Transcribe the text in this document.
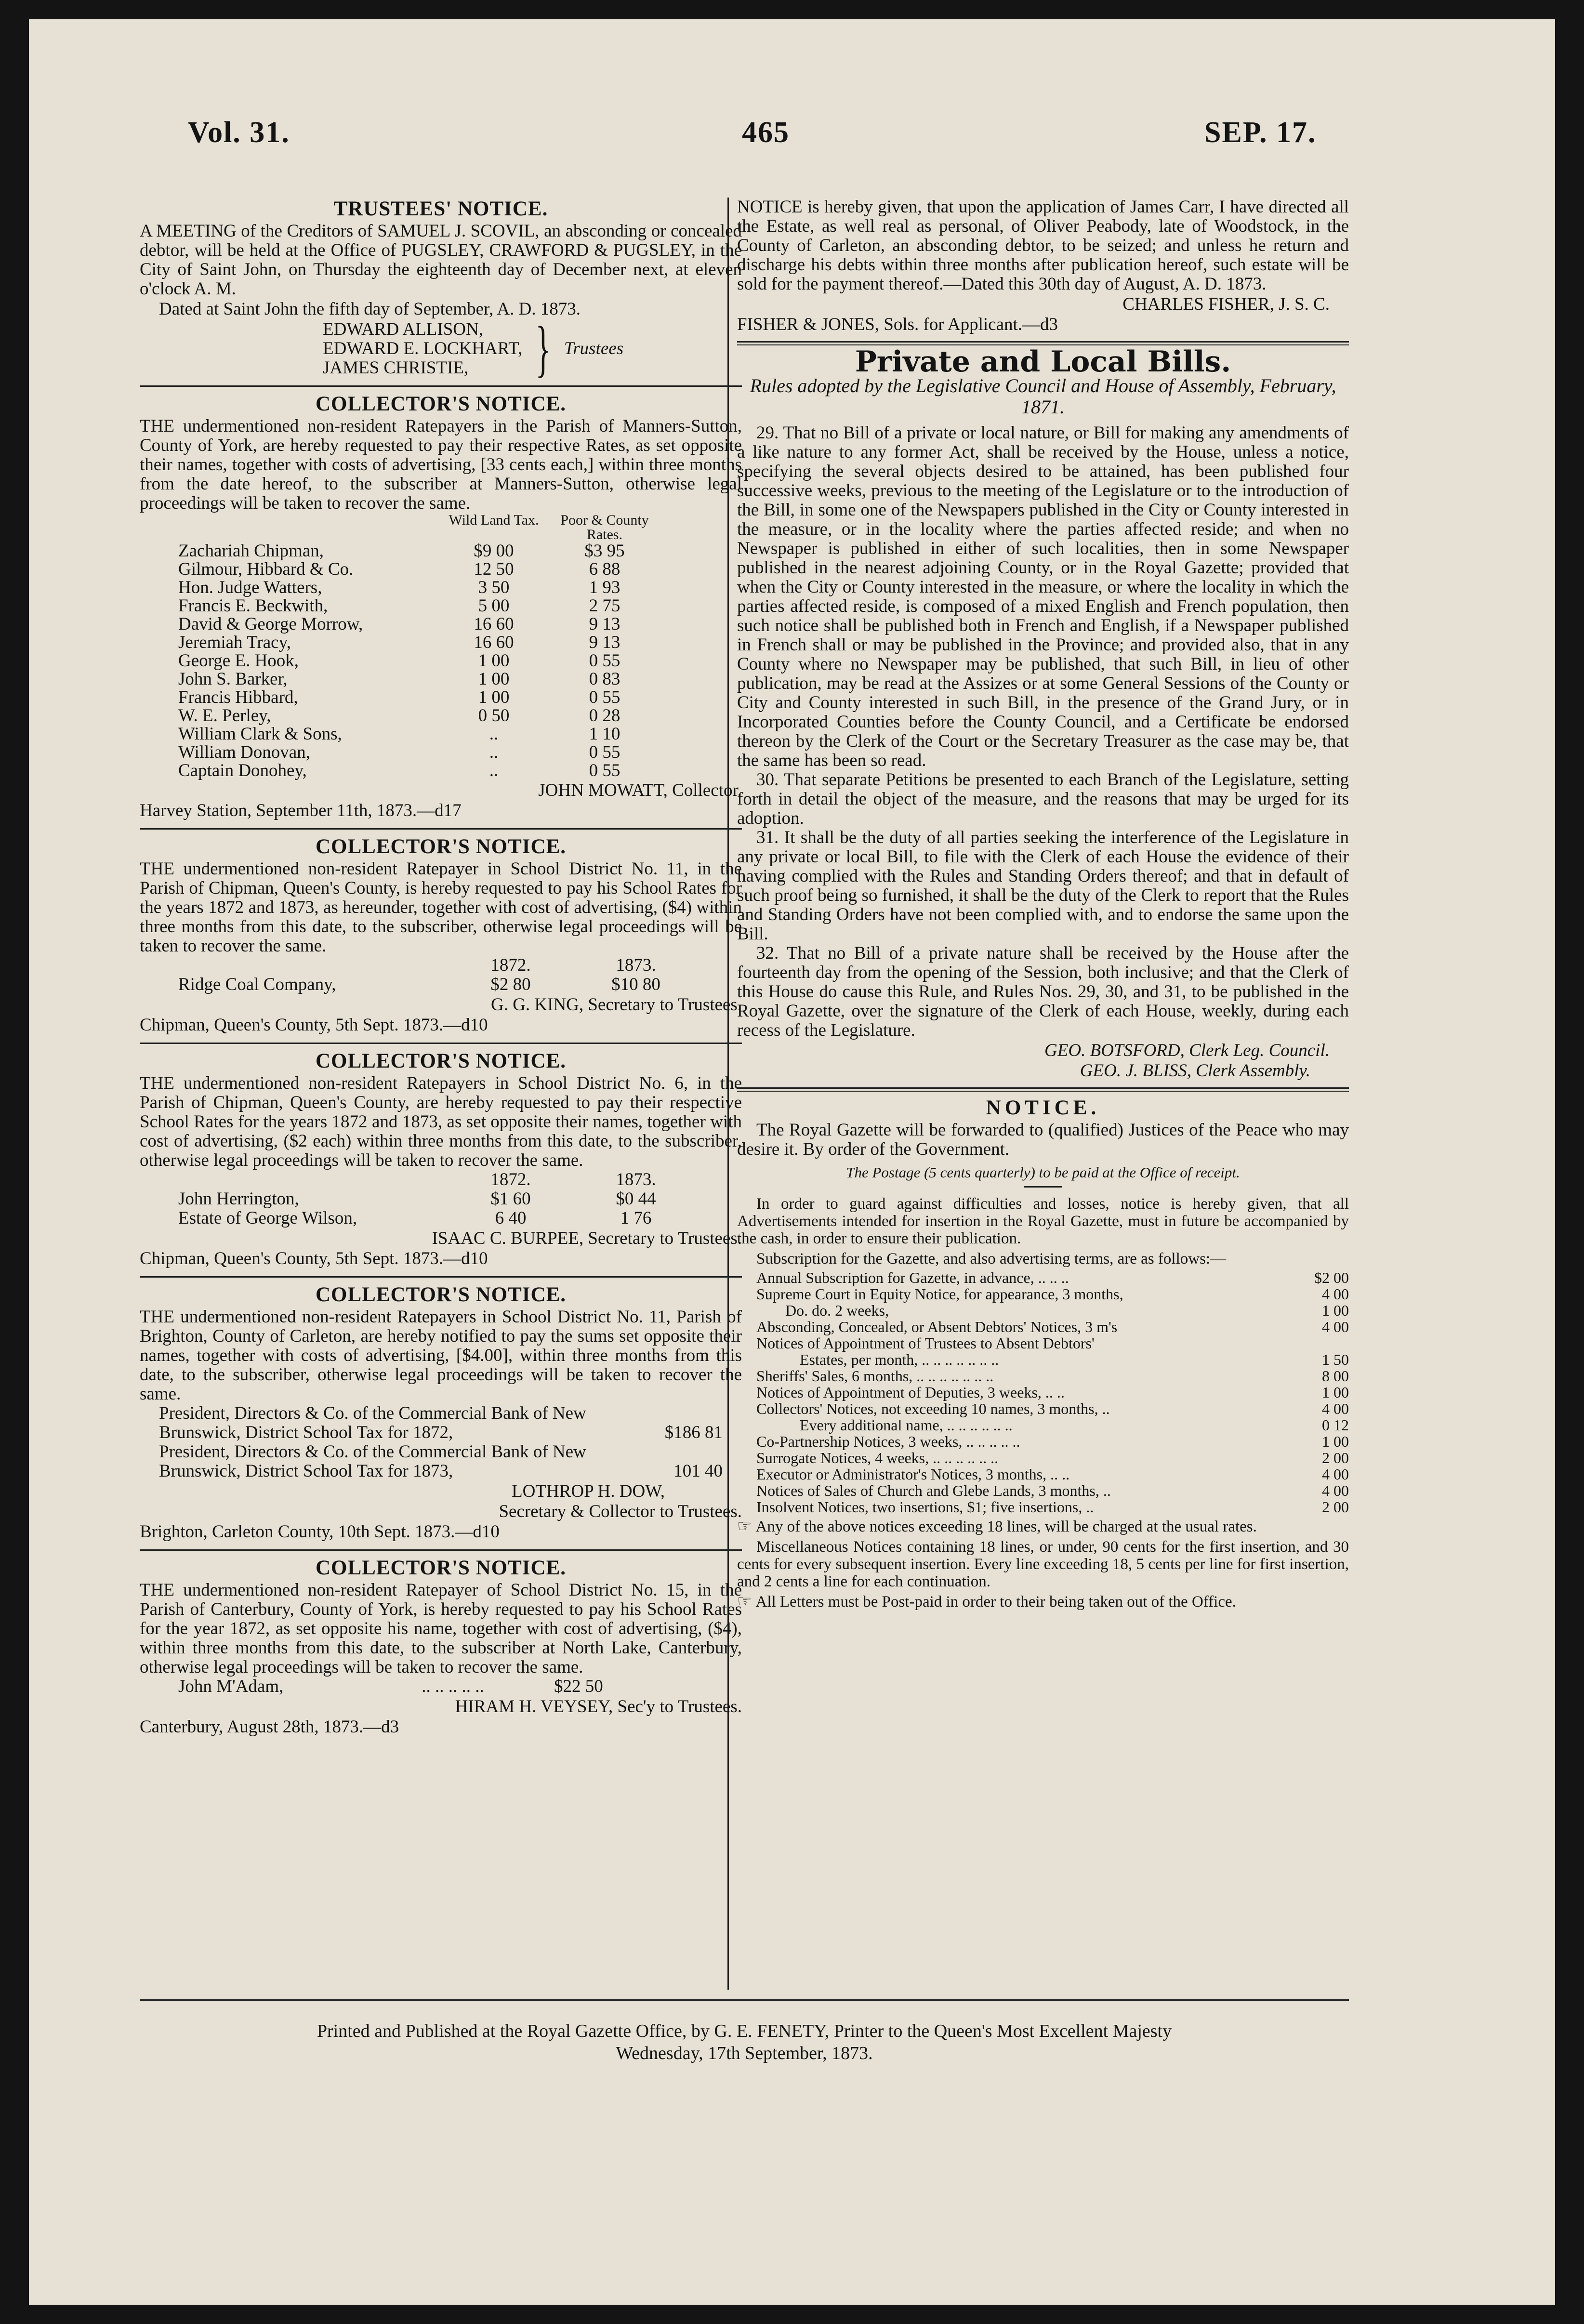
Vol. 31.	465	SEP. 17.
TRUSTEES' NOTICE.

A MEETING of the Creditors of SAMUEL J. SCOVIL, an absconding or concealed debtor, will be held at the Office of PUGSLEY, CRAWFORD & PUGSLEY, in the City of Saint John, on Thursday the eighteenth day of December next, at eleven o'clock A. M.

Dated at Saint John the fifth day of September, A. D. 1873.
EDWARD ALLISON,
EDWARD E. LOCKHART,
JAMES CHRISTIE,	} Trustees
COLLECTOR'S NOTICE.

THE undermentioned non-resident Ratepayers in the Parish of Manners-Sutton, County of York, are hereby requested to pay their respective Rates, as set opposite their names, together with costs of advertising, [33 cents each,] within three months from the date hereof, to the subscriber at Manners-Sutton, otherwise legal proceedings will be taken to recover the same.

	Wild Land Tax.	Poor & County Rates.
Zachariah Chipman,	$9 00	$3 95
Gilmour, Hibbard & Co.	12 50	6 88
Hon. Judge Watters,	3 50	1 93
Francis E. Beckwith,	5 00	2 75
David & George Morrow,	16 60	9 13
Jeremiah Tracy,	16 60	9 13
George E. Hook,	1 00	0 55
John S. Barker,	1 00	0 83
Francis Hibbard,	1 00	0 55
W. E. Perley,	0 50	0 28
William Clark & Sons,	..	1 10
William Donovan,	..	0 55
Captain Donohey,	..	0 55
JOHN MOWATT, Collector.
Harvey Station, September 11th, 1873.—d17
COLLECTOR'S NOTICE.

THE undermentioned non-resident Ratepayer in School District No. 11, in the Parish of Chipman, Queen's County, is hereby requested to pay his School Rates for the years 1872 and 1873, as hereunder, together with cost of advertising, ($4) within three months from this date, to the subscriber, otherwise legal proceedings will be taken to recover the same.

	1872.	1873.
Ridge Coal Company,	$2 80	$10 80
G. G. KING, Secretary to Trustees.
Chipman, Queen's County, 5th Sept. 1873.—d10
COLLECTOR'S NOTICE.

THE undermentioned non-resident Ratepayers in School District No. 6, in the Parish of Chipman, Queen's County, are hereby requested to pay their respective School Rates for the years 1872 and 1873, as set opposite their names, together with cost of advertising, ($2 each) within three months from this date, to the subscriber, otherwise legal proceedings will be taken to recover the same.

	1872.	1873.
John Herrington,	$1 60	$0 44
Estate of George Wilson,	6 40	1 76
ISAAC C. BURPEE, Secretary to Trustees.
Chipman, Queen's County, 5th Sept. 1873.—d10
COLLECTOR'S NOTICE.

THE undermentioned non-resident Ratepayers in School District No. 11, Parish of Brighton, County of Carleton, are hereby notified to pay the sums set opposite their names, together with costs of advertising, [$4.00], within three months from this date, to the subscriber, otherwise legal proceedings will be taken to recover the same.

President, Directors & Co. of the Commercial Bank of New Brunswick, District School Tax for 1872,	$186 81
President, Directors & Co. of the Commercial Bank of New Brunswick, District School Tax for 1873,	101 40
LOTHROP H. DOW,
Secretary & Collector to Trustees.
Brighton, Carleton County, 10th Sept. 1873.—d10
COLLECTOR'S NOTICE.

THE undermentioned non-resident Ratepayer of School District No. 15, in the Parish of Canterbury, County of York, is hereby requested to pay his School Rates for the year 1872, as set opposite his name, together with cost of advertising, ($4), within three months from this date, to the subscriber at North Lake, Canterbury, otherwise legal proceedings will be taken to recover the same.

John M'Adam,	.. .. .. .. ..	$22 50
HIRAM H. VEYSEY, Sec'y to Trustees.
Canterbury, August 28th, 1873.—d3

NOTICE is hereby given, that upon the application of James Carr, I have directed all the Estate, as well real as personal, of Oliver Peabody, late of Woodstock, in the County of Carleton, an absconding debtor, to be seized; and unless he return and discharge his debts within three months after publication hereof, such estate will be sold for the payment thereof.—Dated this 30th day of August, A. D. 1873.

CHARLES FISHER, J. S. C.
FISHER & JONES, Sols. for Applicant.—d3
Private and Local Bills.
Rules adopted by the Legislative Council and House of Assembly, February, 1871.

29. That no Bill of a private or local nature, or Bill for making any amendments of a like nature to any former Act, shall be received by the House, unless a notice, specifying the several objects desired to be attained, has been published four successive weeks, previous to the meeting of the Legislature or to the introduction of the Bill, in some one of the Newspapers published in the City or County interested in the measure, or in the locality where the parties affected reside; and when no Newspaper is published in either of such localities, then in some Newspaper published in the nearest adjoining County, or in the Royal Gazette; provided that when the City or County interested in the measure, or where the locality in which the parties affected reside, is composed of a mixed English and French population, then such notice shall be published both in French and English, if a Newspaper published in French shall or may be published in the Province; and provided also, that in any County where no Newspaper may be published, that such Bill, in lieu of other publication, may be read at the Assizes or at some General Sessions of the County or City and County interested in such Bill, in the presence of the Grand Jury, or in Incorporated Counties before the County Council, and a Certificate be endorsed thereon by the Clerk of the Court or the Secretary Treasurer as the case may be, that the same has been so read.

30. That separate Petitions be presented to each Branch of the Legislature, setting forth in detail the object of the measure, and the reasons that may be urged for its adoption.

31. It shall be the duty of all parties seeking the interference of the Legislature in any private or local Bill, to file with the Clerk of each House the evidence of their having complied with the Rules and Standing Orders thereof; and that in default of such proof being so furnished, it shall be the duty of the Clerk to report that the Rules and Standing Orders have not been complied with, and to endorse the same upon the Bill.

32. That no Bill of a private nature shall be received by the House after the fourteenth day from the opening of the Session, both inclusive; and that the Clerk of this House do cause this Rule, and Rules Nos. 29, 30, and 31, to be published in the Royal Gazette, over the signature of the Clerk of each House, weekly, during each recess of the Legislature.

GEO. BOTSFORD, Clerk Leg. Council.
GEO. J. BLISS, Clerk Assembly.
NOTICE.

The Royal Gazette will be forwarded to (qualified) Justices of the Peace who may desire it. By order of the Government.

The Postage (5 cents quarterly) to be paid at the Office of receipt.

In order to guard against difficulties and losses, notice is hereby given, that all Advertisements intended for insertion in the Royal Gazette, must in future be accompanied by the cash, in order to ensure their publication.

Subscription for the Gazette, and also advertising terms, are as follows:—

Annual Subscription for Gazette, in advance, .. .. ..	$2 00
Supreme Court in Equity Notice, for appearance, 3 months,	4 00
Do. do. 2 weeks,	1 00
Absconding, Concealed, or Absent Debtors' Notices, 3 m's	4 00
Notices of Appointment of Trustees to Absent Debtors'	
Estates, per month, .. .. .. .. .. .. ..	1 50
Sheriffs' Sales, 6 months, .. .. .. .. .. .. ..	8 00
Notices of Appointment of Deputies, 3 weeks, .. ..	1 00
Collectors' Notices, not exceeding 10 names, 3 months, ..	4 00
Every additional name, .. .. .. .. .. ..	0 12
Co-Partnership Notices, 3 weeks, .. .. .. .. ..	1 00
Surrogate Notices, 4 weeks, .. .. .. .. .. ..	2 00
Executor or Administrator's Notices, 3 months, .. ..	4 00
Notices of Sales of Church and Glebe Lands, 3 months, ..	4 00
Insolvent Notices, two insertions, $1; five insertions, ..	2 00

☞ Any of the above notices exceeding 18 lines, will be charged at the usual rates.

Miscellaneous Notices containing 18 lines, or under, 90 cents for the first insertion, and 30 cents for every subsequent insertion. Every line exceeding 18, 5 cents per line for first insertion, and 2 cents a line for each continuation.

☞ All Letters must be Post-paid in order to their being taken out of the Office.

Printed and Published at the Royal Gazette Office, by G. E. FENETY, Printer to the Queen's Most Excellent Majesty
Wednesday, 17th September, 1873.
